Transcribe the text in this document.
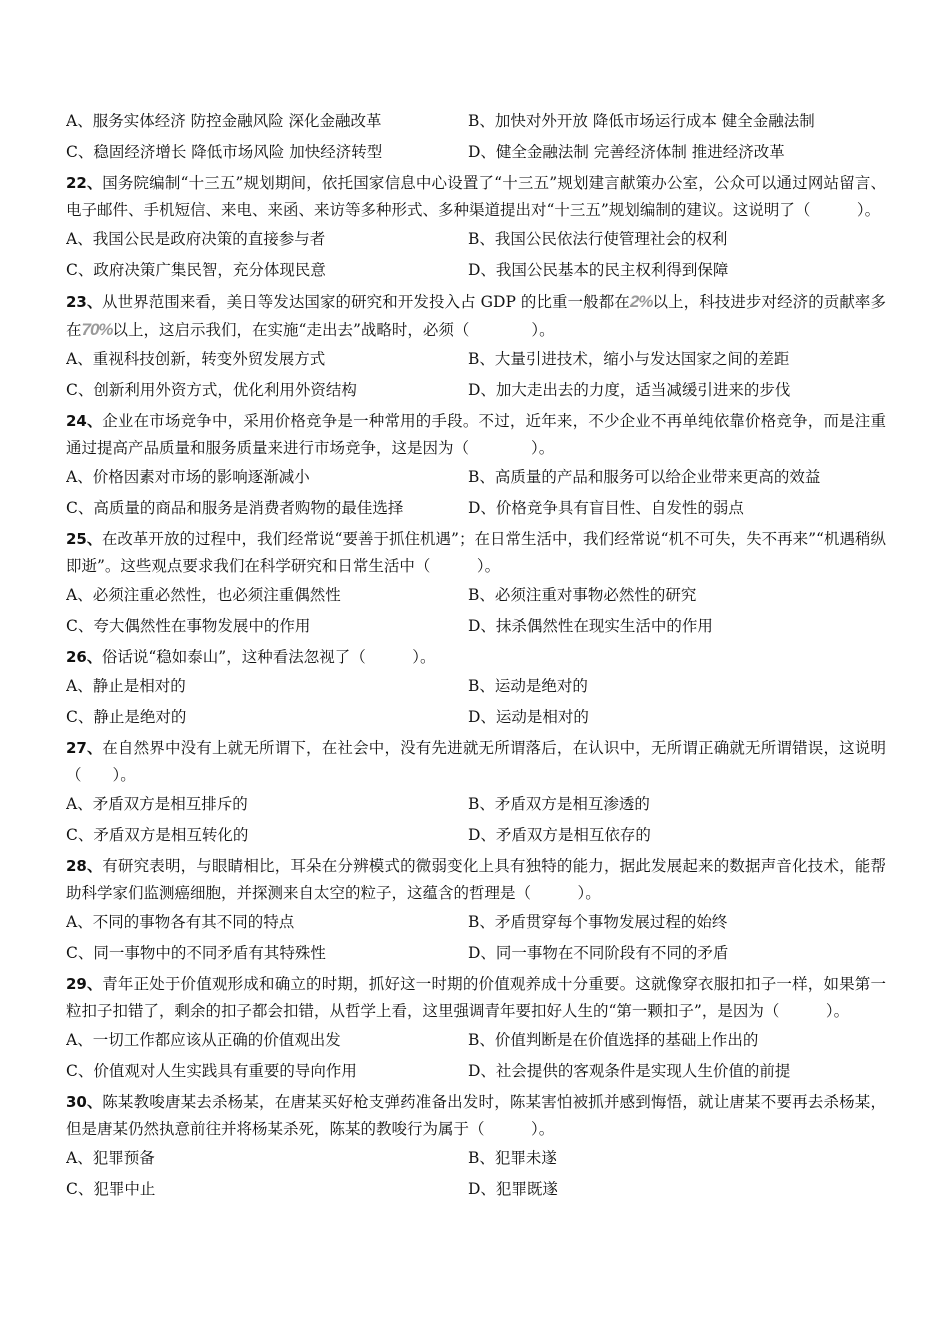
A、服务实体经济 防控金融风险 深化金融改革	B、加快对外开放 降低市场运行成本 健全金融法制
C、稳固经济增长 降低市场风险 加快经济转型	D、健全金融法制 完善经济体制 推进经济改革

22、国务院编制“十三五”规划期间，依托国家信息中心设置了“十三五”规划建言献策办公室，公众可以通过网站留言、电子邮件、手机短信、来电、来函、来访等多种形式、多种渠道提出对“十三五”规划编制的建议。这说明了（　　　）。

A、我国公民是政府决策的直接参与者	B、我国公民依法行使管理社会的权利
C、政府决策广集民智，充分体现民意	D、我国公民基本的民主权利得到保障

23、从世界范围来看，美日等发达国家的研究和开发投入占 GDP 的比重一般都在2%以上，科技进步对经济的贡献率多在70%以上，这启示我们，在实施“走出去”战略时，必须（　　　　）。

A、重视科技创新，转变外贸发展方式	B、大量引进技术，缩小与发达国家之间的差距
C、创新利用外资方式，优化利用外资结构	D、加大走出去的力度，适当减缓引进来的步伐

24、企业在市场竞争中，采用价格竞争是一种常用的手段。不过，近年来，不少企业不再单纯依靠价格竞争，而是注重通过提高产品质量和服务质量来进行市场竞争，这是因为（　　　　）。

A、价格因素对市场的影响逐渐减小	B、高质量的产品和服务可以给企业带来更高的效益
C、高质量的商品和服务是消费者购物的最佳选择	D、价格竞争具有盲目性、自发性的弱点

25、在改革开放的过程中，我们经常说“要善于抓住机遇”；在日常生活中，我们经常说“机不可失，失不再来”“机遇稍纵即逝”。这些观点要求我们在科学研究和日常生活中（　　　）。

A、必须注重必然性，也必须注重偶然性	B、必须注重对事物必然性的研究
C、夸大偶然性在事物发展中的作用	D、抹杀偶然性在现实生活中的作用

26、俗话说“稳如泰山”，这种看法忽视了（　　　）。

A、静止是相对的	B、运动是绝对的
C、静止是绝对的	D、运动是相对的

27、在自然界中没有上就无所谓下，在社会中，没有先进就无所谓落后，在认识中，无所谓正确就无所谓错误，这说明（　　）。

A、矛盾双方是相互排斥的	B、矛盾双方是相互渗透的
C、矛盾双方是相互转化的	D、矛盾双方是相互依存的

28、有研究表明，与眼睛相比，耳朵在分辨模式的微弱变化上具有独特的能力，据此发展起来的数据声音化技术，能帮助科学家们监测癌细胞，并探测来自太空的粒子，这蕴含的哲理是（　　　）。

A、不同的事物各有其不同的特点	B、矛盾贯穿每个事物发展过程的始终
C、同一事物中的不同矛盾有其特殊性	D、同一事物在不同阶段有不同的矛盾

29、青年正处于价值观形成和确立的时期，抓好这一时期的价值观养成十分重要。这就像穿衣服扣扣子一样，如果第一粒扣子扣错了，剩余的扣子都会扣错，从哲学上看，这里强调青年要扣好人生的“第一颗扣子”，是因为（　　　）。

A、一切工作都应该从正确的价值观出发	B、价值判断是在价值选择的基础上作出的
C、价值观对人生实践具有重要的导向作用	D、社会提供的客观条件是实现人生价值的前提

30、陈某教唆唐某去杀杨某，在唐某买好枪支弹药准备出发时，陈某害怕被抓并感到悔悟，就让唐某不要再去杀杨某，但是唐某仍然执意前往并将杨某杀死，陈某的教唆行为属于（　　　）。

A、犯罪预备	B、犯罪未遂
C、犯罪中止	D、犯罪既遂
